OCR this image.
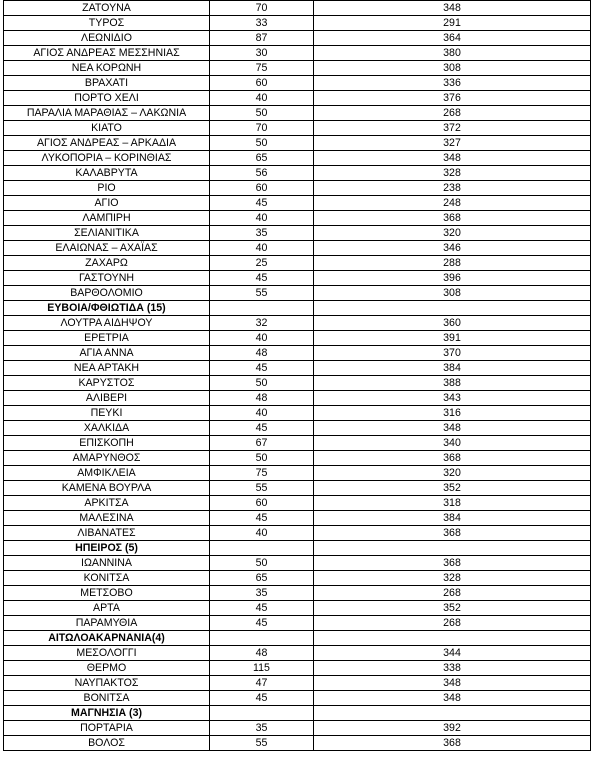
ΖΑΤΟΥΝΑ	70	348
ΤΥΡΟΣ	33	291
ΛΕΩΝΙΔΙΟ	87	364
ΑΓΙΟΣ ΑΝΔΡΕΑΣ ΜΕΣΣΗΝΙΑΣ	30	380
ΝΕΑ ΚΟΡΩΝΗ	75	308
ΒΡΑΧΑΤΙ	60	336
ΠΟΡΤΟ ΧΕΛΙ	40	376
ΠΑΡΑΛΙΑ ΜΑΡΑΘΙΑΣ – ΛΑΚΩΝΙΑ	50	268
ΚΙΑΤΟ	70	372
ΑΓΙΟΣ ΑΝΔΡΕΑΣ – ΑΡΚΑΔΙΑ	50	327
ΛΥΚΟΠΟΡΙΑ – ΚΟΡΙΝΘΙΑΣ	65	348
ΚΑΛΑΒΡΥΤΑ	56	328
ΡΙΟ	60	238
ΑΓΙΟ	45	248
ΛΑΜΠΙΡΗ	40	368
ΣΕΛΙΑΝΙΤΙΚΑ	35	320
ΕΛΑΙΩΝΑΣ – ΑΧΑΪΑΣ	40	346
ΖΑΧΑΡΩ	25	288
ΓΑΣΤΟΥΝΗ	45	396
ΒΑΡΘΟΛΟΜΙΟ	55	308
ΕΥΒΟΙΑ/ΦΘΙΩΤΙΔΑ (15)		
ΛΟΥΤΡΑ ΑΙΔΗΨΟΥ	32	360
ΕΡΕΤΡΙΑ	40	391
ΑΓΙΑ ΑΝΝΑ	48	370
ΝΕΑ ΑΡΤΑΚΗ	45	384
ΚΑΡΥΣΤΟΣ	50	388
ΑΛΙΒΕΡΙ	48	343
ΠΕΥΚΙ	40	316
ΧΑΛΚΙΔΑ	45	348
ΕΠΙΣΚΟΠΗ	67	340
ΑΜΑΡΥΝΘΟΣ	50	368
ΑΜΦΙΚΛΕΙΑ	75	320
ΚΑΜΕΝΑ ΒΟΥΡΛΑ	55	352
ΑΡΚΙΤΣΑ	60	318
ΜΑΛΕΣΙΝΑ	45	384
ΛΙΒΑΝΑΤΕΣ	40	368
ΗΠΕΙΡΟΣ (5)		
ΙΩΑΝΝΙΝΑ	50	368
ΚΟΝΙΤΣΑ	65	328
ΜΕΤΣΟΒΟ	35	268
ΑΡΤΑ	45	352
ΠΑΡΑΜΥΘΙΑ	45	268
ΑΙΤΩΛΟΑΚΑΡΝΑΝΙΑ(4)		
ΜΕΣΟΛΟΓΓΙ	48	344
ΘΕΡΜΟ	115	338
ΝΑΥΠΑΚΤΟΣ	47	348
ΒΟΝΙΤΣΑ	45	348
ΜΑΓΝΗΣΙΑ (3)		
ΠΟΡΤΑΡΙΑ	35	392
ΒΟΛΟΣ	55	368
